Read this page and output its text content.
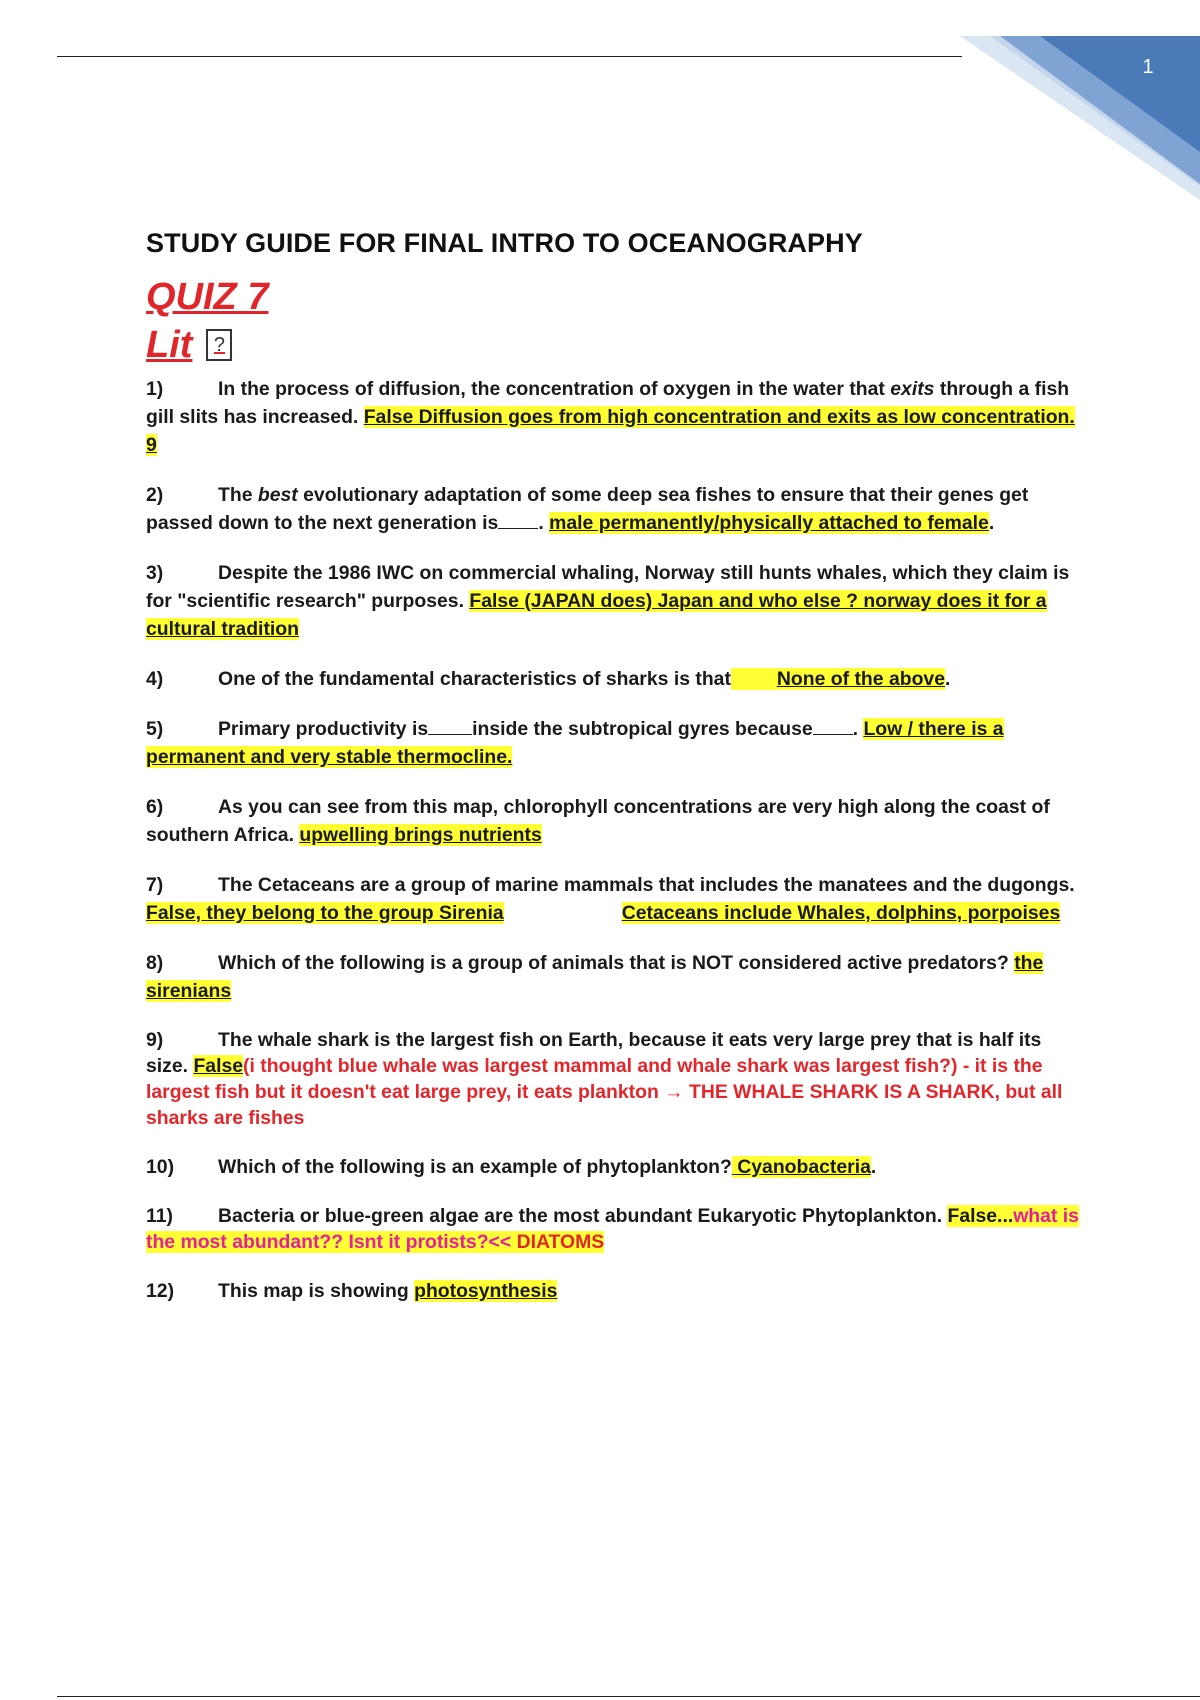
1
STUDY GUIDE FOR FINAL INTRO TO OCEANOGRAPHY
QUIZ 7
Lit	?
1)	In the process of diffusion, the concentration of oxygen in the water that exits through a fish gill slits has increased. False Diffusion goes from high concentration and exits as low concentration. 9
2)	The best evolutionary adaptation of some deep sea fishes to ensure that their genes get passed down to the next generation is . male permanently/physically attached to female.
3)	Despite the 1986 IWC on commercial whaling, Norway still hunts whales, which they claim is for "scientific research" purposes. False (JAPAN does) Japan and who else ? norway does it for a cultural tradition
4)	One of the fundamental characteristics of sharks is that None of the above.
5)	Primary productivity is inside the subtropical gyres because . Low / there is a permanent and very stable thermocline.
6)	As you can see from this map, chlorophyll concentrations are very high along the coast of southern Africa. upwelling brings nutrients
7)	The Cetaceans are a group of marine mammals that includes the manatees and the dugongs. False, they belong to the group Sirenia	Cetaceans include Whales, dolphins, porpoises
8)	Which of the following is a group of animals that is NOT considered active predators? the sirenians
9)	The whale shark is the largest fish on Earth, because it eats very large prey that is half its size. False(i thought blue whale was largest mammal and whale shark was largest fish?) - it is the largest fish but it doesn't eat large prey, it eats plankton → THE WHALE SHARK IS A SHARK, but all sharks are fishes
10) Which of the following is an example of phytoplankton? Cyanobacteria.
11) Bacteria or blue-green algae are the most abundant Eukaryotic Phytoplankton. False...what is the most abundant?? Isnt it protists?<< DIATOMS
12) This map is showing photosynthesis
